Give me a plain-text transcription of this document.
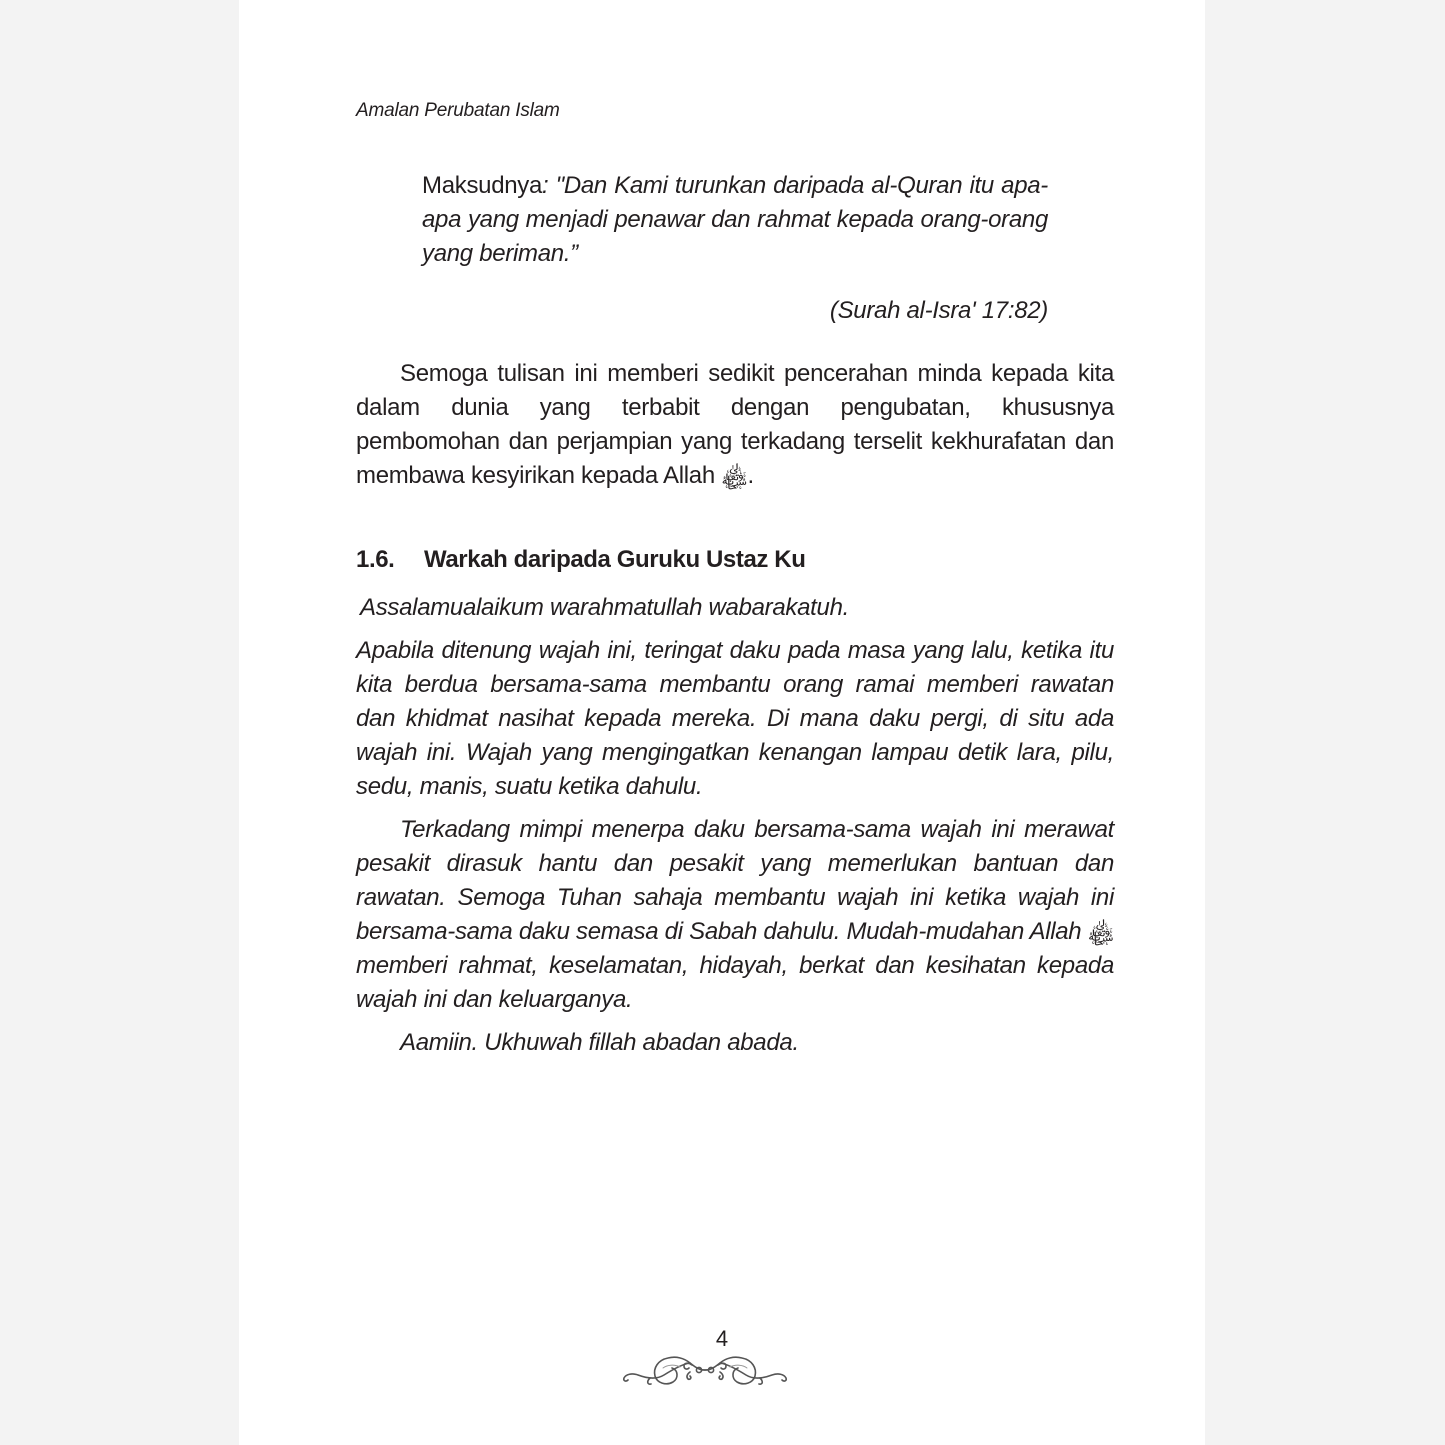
Amalan Perubatan Islam
Maksudnya: "Dan Kami turunkan daripada al-Quran itu apa-apa yang menjadi penawar dan rahmat kepada orang-orang yang beriman.”
(Surah al-Isra' 17:82)

Semoga tulisan ini memberi sedikit pencerahan minda kepada kita dalam dunia yang terbabit dengan pengubatan, khususnya pembomohan dan perjampian yang terkadang terselit kekhurafatan dan membawa kesyirikan kepada Allah ﷾.

1.6.	Warkah daripada Guruku Ustaz Ku

Assalamualaikum warahmatullah wabarakatuh.

Apabila ditenung wajah ini, teringat daku pada masa yang lalu, ketika itu kita berdua bersama-sama membantu orang ramai memberi rawatan dan khidmat nasihat kepada mereka. Di mana daku pergi, di situ ada wajah ini. Wajah yang mengingatkan kenangan lampau detik lara, pilu, sedu, manis, suatu ketika dahulu.

Terkadang mimpi menerpa daku bersama-sama wajah ini merawat pesakit dirasuk hantu dan pesakit yang memerlukan bantuan dan rawatan. Semoga Tuhan sahaja membantu wajah ini ketika wajah ini bersama-sama daku semasa di Sabah dahulu. Mudah-mudahan Allah ﷾ memberi rahmat, keselamatan, hidayah, berkat dan kesihatan kepada wajah ini dan keluarganya.

Aamiin. Ukhuwah fillah abadan abada.

4
